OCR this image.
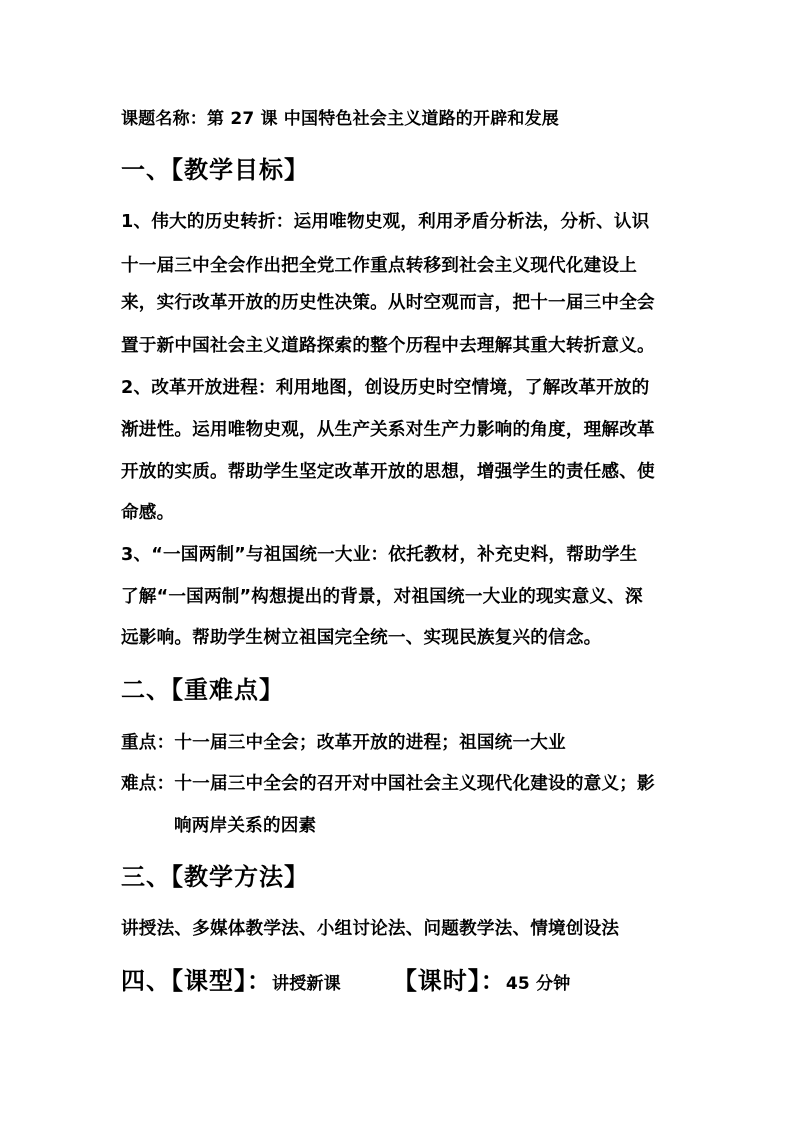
课题名称：第 27 课 中国特色社会主义道路的开辟和发展
一、【教学目标】
1、伟大的历史转折：运用唯物史观，利用矛盾分析法，分析、认识
十一届三中全会作出把全党工作重点转移到社会主义现代化建设上
来，实行改革开放的历史性决策。从时空观而言，把十一届三中全会
置于新中国社会主义道路探索的整个历程中去理解其重大转折意义。
2、改革开放进程：利用地图，创设历史时空情境，了解改革开放的
渐进性。运用唯物史观，从生产关系对生产力影响的角度，理解改革
开放的实质。帮助学生坚定改革开放的思想，增强学生的责任感、使
命感。
3、“一国两制”与祖国统一大业：依托教材，补充史料，帮助学生
了解“一国两制”构想提出的背景，对祖国统一大业的现实意义、深
远影响。帮助学生树立祖国完全统一、实现民族复兴的信念。
二、【重难点】
重点：十一届三中全会；改革开放的进程；祖国统一大业
难点：十一届三中全会的召开对中国社会主义现代化建设的意义；影
响两岸关系的因素
三、【教学方法】
讲授法、多媒体教学法、小组讨论法、问题教学法、情境创设法
四、【课型】：讲授新课 【课时】：45 分钟
